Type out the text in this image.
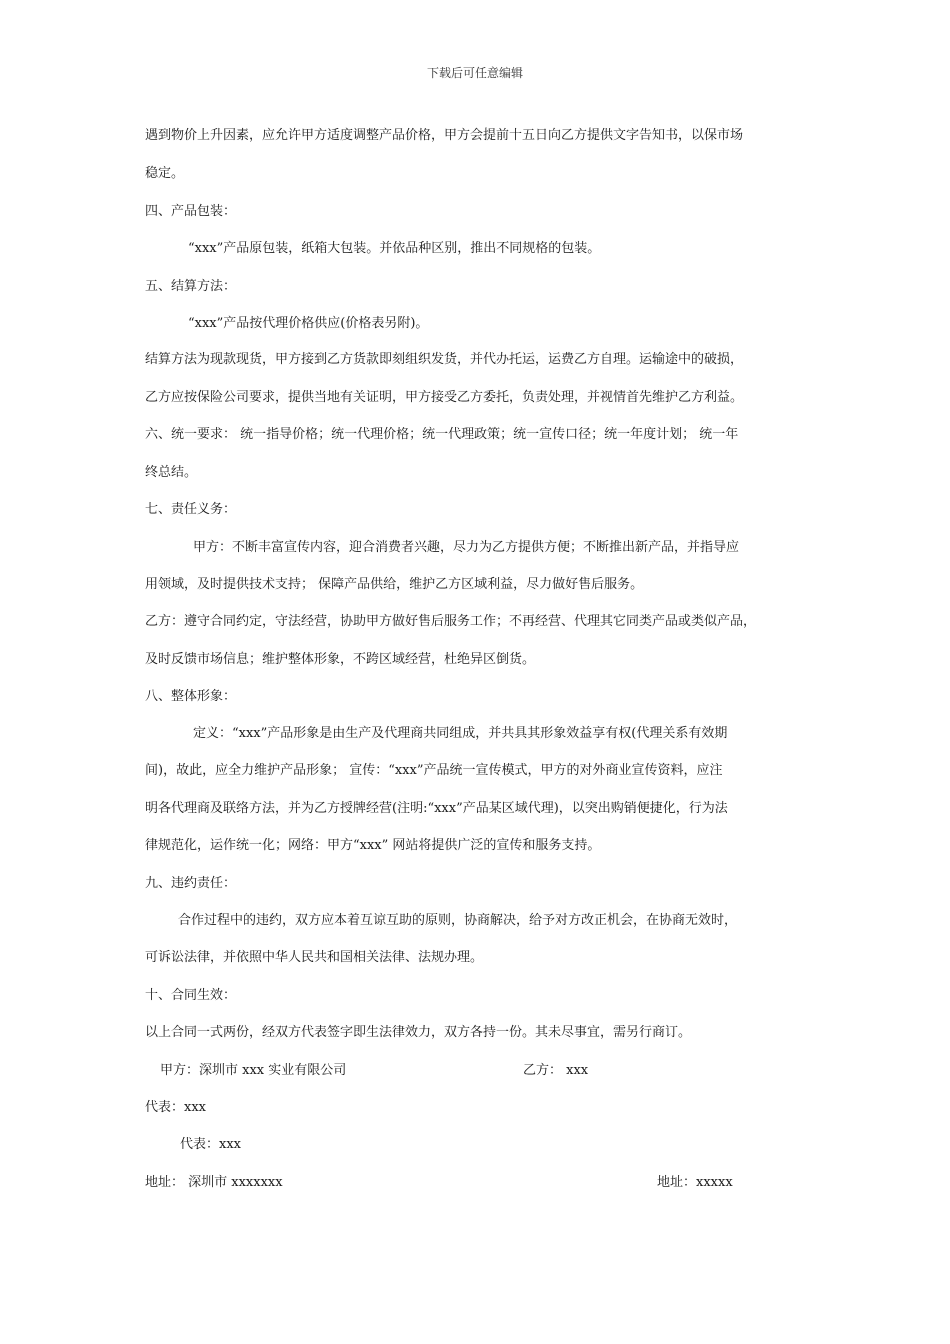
下载后可任意编辑
遇到物价上升因素，应允许甲方适度调整产品价格，甲方会提前十五日向乙方提供文字告知书，以保市场
稳定。
四、产品包装：
“xxx”产品原包装，纸箱大包装。并依品种区别，推出不同规格的包装。
五、结算方法：
“xxx”产品按代理价格供应(价格表另附)。
结算方法为现款现货，甲方接到乙方货款即刻组织发货，并代办托运，运费乙方自理。运输途中的破损，
乙方应按保险公司要求，提供当地有关证明，甲方接受乙方委托，负责处理，并视情首先维护乙方利益。
六、统一要求： 统一指导价格；统一代理价格；统一代理政策；统一宣传口径；统一年度计划； 统一年
终总结。
七、责任义务：
甲方：不断丰富宣传内容，迎合消费者兴趣，尽力为乙方提供方便；不断推出新产品，并指导应
用领域，及时提供技术支持； 保障产品供给，维护乙方区域利益，尽力做好售后服务。
乙方：遵守合同约定，守法经营，协助甲方做好售后服务工作；不再经营、代理其它同类产品或类似产品，
及时反馈市场信息；维护整体形象，不跨区域经营，杜绝异区倒货。
八、整体形象：
定义：“xxx”产品形象是由生产及代理商共同组成，并共具其形象效益享有权(代理关系有效期
间)，故此，应全力维护产品形象； 宣传：“xxx”产品统一宣传模式，甲方的对外商业宣传资料，应注
明各代理商及联络方法，并为乙方授牌经营(注明:“xxx”产品某区域代理)，以突出购销便捷化，行为法
律规范化，运作统一化；网络：甲方“xxx” 网站将提供广泛的宣传和服务支持。
九、违约责任：
合作过程中的违约，双方应本着互谅互助的原则，协商解决，给予对方改正机会，在协商无效时，
可诉讼法律，并依照中华人民共和国相关法律、法规办理。
十、合同生效：
以上合同一式两份，经双方代表签字即生法律效力，双方各持一份。其未尽事宜，需另行商订。
甲方：深圳市 xxx 实业有限公司	乙方： xxx
代表：xxx
代表：xxx
地址： 深圳市 xxxxxxx	地址：xxxxx
